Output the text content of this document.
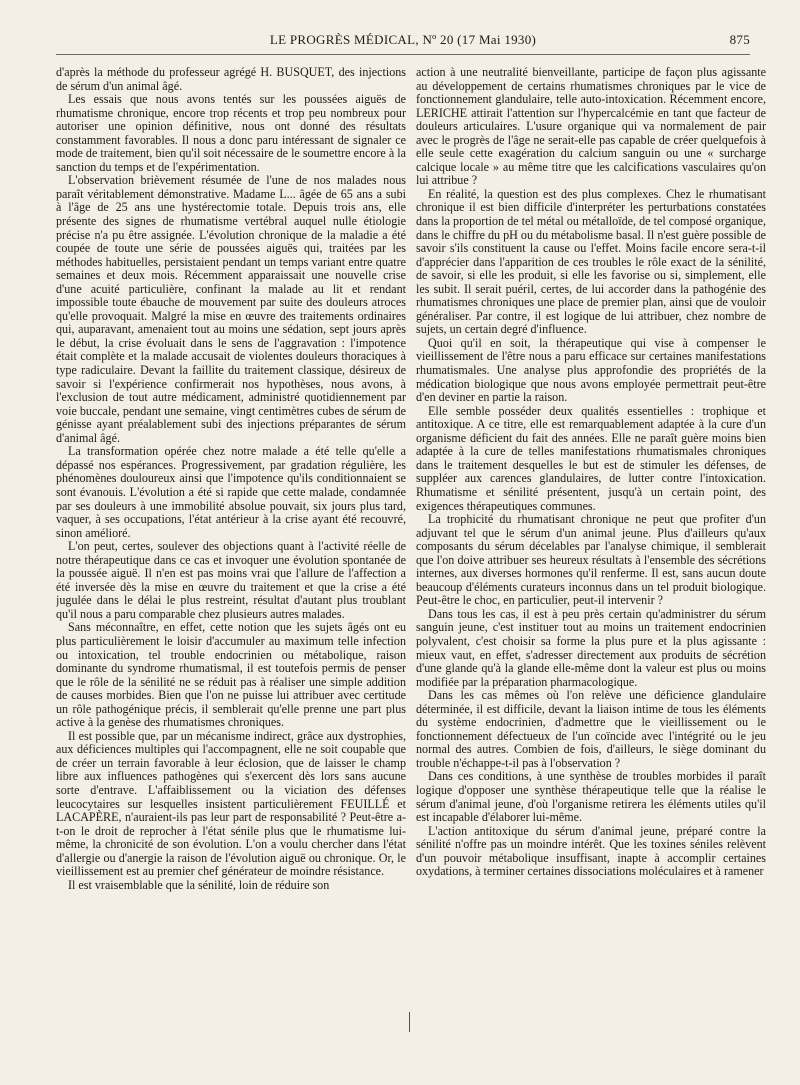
LE PROGRÈS MÉDICAL, Nº 20 (17 Mai 1930)	875

d'après la méthode du professeur agrégé H. BUSQUET, des injections de sérum d'un animal âgé.

Les essais que nous avons tentés sur les poussées aiguës de rhumatisme chronique, encore trop récents et trop peu nombreux pour autoriser une opinion définitive, nous ont donné des résultats constamment favorables. Il nous a donc paru intéressant de signaler ce mode de traitement, bien qu'il soit nécessaire de le soumettre encore à la sanction du temps et de l'expérimentation.

L'observation brièvement résumée de l'une de nos malades nous paraît véritablement démonstrative. Madame L... âgée de 65 ans a subi à l'âge de 25 ans une hystérectomie totale. Depuis trois ans, elle présente des signes de rhumatisme vertébral auquel nulle étiologie précise n'a pu être assignée. L'évolution chronique de la maladie a été coupée de toute une série de poussées aiguës qui, traitées par les méthodes habituelles, persistaient pendant un temps variant entre quatre semaines et deux mois. Récemment apparaissait une nouvelle crise d'une acuité particulière, confinant la malade au lit et rendant impossible toute ébauche de mouvement par suite des douleurs atroces qu'elle provoquait. Malgré la mise en œuvre des traitements ordinaires qui, auparavant, amenaient tout au moins une sédation, sept jours après le début, la crise évoluait dans le sens de l'aggravation : l'impotence était complète et la malade accusait de violentes douleurs thoraciques à type radiculaire. Devant la faillite du traitement classique, désireux de savoir si l'expérience confirmerait nos hypothèses, nous avons, à l'exclusion de tout autre médicament, administré quotidiennement par voie buccale, pendant une semaine, vingt centimètres cubes de sérum de génisse ayant préalablement subi des injections préparantes de sérum d'animal âgé.

La transformation opérée chez notre malade a été telle qu'elle a dépassé nos espérances. Progressivement, par gradation régulière, les phénomènes douloureux ainsi que l'impotence qu'ils conditionnaient se sont évanouis. L'évolution a été si rapide que cette malade, condamnée par ses douleurs à une immobilité absolue pouvait, six jours plus tard, vaquer, à ses occupations, l'état antérieur à la crise ayant été recouvré, sinon amélioré.

L'on peut, certes, soulever des objections quant à l'activité réelle de notre thérapeutique dans ce cas et invoquer une évolution spontanée de la poussée aiguë. Il n'en est pas moins vrai que l'allure de l'affection a été inversée dès la mise en œuvre du traitement et que la crise a été jugulée dans le délai le plus restreint, résultat d'autant plus troublant qu'il nous a paru comparable chez plusieurs autres malades.

Sans méconnaître, en effet, cette notion que les sujets âgés ont eu plus particulièrement le loisir d'accumuler au maximum telle infection ou intoxication, tel trouble endocrinien ou métabolique, raison dominante du syndrome rhumatismal, il est toutefois permis de penser que le rôle de la sénilité ne se réduit pas à réaliser une simple addition de causes morbides. Bien que l'on ne puisse lui attribuer avec certitude un rôle pathogénique précis, il semblerait qu'elle prenne une part plus active à la genèse des rhumatismes chroniques.

Il est possible que, par un mécanisme indirect, grâce aux dystrophies, aux déficiences multiples qui l'accompagnent, elle ne soit coupable que de créer un terrain favorable à leur éclosion, que de laisser le champ libre aux influences pathogènes qui s'exercent dès lors sans aucune sorte d'entrave. L'affaiblissement ou la viciation des défenses leucocytaires sur lesquelles insistent particulièrement FEUILLÉ et LACAPÈRE, n'auraient-ils pas leur part de responsabilité ? Peut-être a-t-on le droit de reprocher à l'état sénile plus que le rhumatisme lui-même, la chronicité de son évolution. L'on a voulu chercher dans l'état d'allergie ou d'anergie la raison de l'évolution aiguë ou chronique. Or, le vieillissement est au premier chef générateur de moindre résistance.

Il est vraisemblable que la sénilité, loin de réduire son

action à une neutralité bienveillante, participe de façon plus agissante au développement de certains rhumatismes chroniques par le vice de fonctionnement glandulaire, telle auto-intoxication. Récemment encore, LERICHE attirait l'attention sur l'hypercalcémie en tant que facteur de douleurs articulaires. L'usure organique qui va normalement de pair avec le progrès de l'âge ne serait-elle pas capable de créer quelquefois à elle seule cette exagération du calcium sanguin ou une « surcharge calcique locale » au même titre que les calcifications vasculaires qu'on lui attribue ?

En réalité, la question est des plus complexes. Chez le rhumatisant chronique il est bien difficile d'interpréter les perturbations constatées dans la proportion de tel métal ou métalloïde, de tel composé organique, dans le chiffre du pH ou du métabolisme basal. Il n'est guère possible de savoir s'ils constituent la cause ou l'effet. Moins facile encore sera-t-il d'apprécier dans l'apparition de ces troubles le rôle exact de la sénilité, de savoir, si elle les produit, si elle les favorise ou si, simplement, elle les subit. Il serait puéril, certes, de lui accorder dans la pathogénie des rhumatismes chroniques une place de premier plan, ainsi que de vouloir généraliser. Par contre, il est logique de lui attribuer, chez nombre de sujets, un certain degré d'influence.

Quoi qu'il en soit, la thérapeutique qui vise à compenser le vieillissement de l'être nous a paru efficace sur certaines manifestations rhumatismales. Une analyse plus approfondie des propriétés de la médication biologique que nous avons employée permettrait peut-être d'en deviner en partie la raison.

Elle semble posséder deux qualités essentielles : trophique et antitoxique. A ce titre, elle est remarquablement adaptée à la cure d'un organisme déficient du fait des années. Elle ne paraît guère moins bien adaptée à la cure de telles manifestations rhumatismales chroniques dans le traitement desquelles le but est de stimuler les défenses, de suppléer aux carences glandulaires, de lutter contre l'intoxication. Rhumatisme et sénilité présentent, jusqu'à un certain point, des exigences thérapeutiques communes.

La trophicité du rhumatisant chronique ne peut que profiter d'un adjuvant tel que le sérum d'un animal jeune. Plus d'ailleurs qu'aux composants du sérum décelables par l'analyse chimique, il semblerait que l'on doive attribuer ses heureux résultats à l'ensemble des sécrétions internes, aux diverses hormones qu'il renferme. Il est, sans aucun doute beaucoup d'éléments curateurs inconnus dans un tel produit biologique. Peut-être le choc, en particulier, peut-il intervenir ?

Dans tous les cas, il est à peu près certain qu'administrer du sérum sanguin jeune, c'est instituer tout au moins un traitement endocrinien polyvalent, c'est choisir sa forme la plus pure et la plus agissante : mieux vaut, en effet, s'adresser directement aux produits de sécrétion d'une glande qu'à la glande elle-même dont la valeur est plus ou moins modifiée par la préparation pharmacologique.

Dans les cas mêmes où l'on relève une déficience glandulaire déterminée, il est difficile, devant la liaison intime de tous les éléments du système endocrinien, d'admettre que le vieillissement ou le fonctionnement défectueux de l'un coïncide avec l'intégrité ou le jeu normal des autres. Combien de fois, d'ailleurs, le siège dominant du trouble n'échappe-t-il pas à l'observation ?

Dans ces conditions, à une synthèse de troubles morbides il paraît logique d'opposer une synthèse thérapeutique telle que la réalise le sérum d'animal jeune, d'où l'organisme retirera les éléments utiles qu'il est incapable d'élaborer lui-même.

L'action antitoxique du sérum d'animal jeune, préparé contre la sénilité n'offre pas un moindre intérêt. Que les toxines séniles relèvent d'un pouvoir métabolique insuffisant, inapte à accomplir certaines oxydations, à terminer certaines dissociations moléculaires et à ramener
